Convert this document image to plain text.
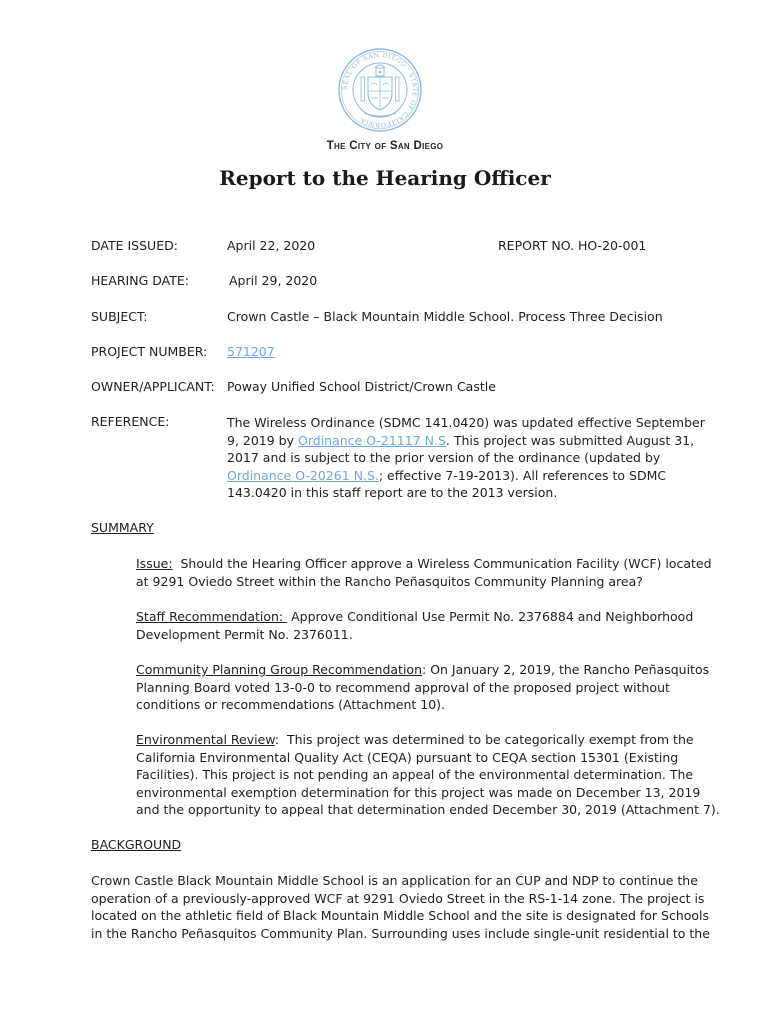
SEAL OF SAN DIEGO · STATE OF CALIFORNIA
The City of San Diego
Report to the Hearing Officer
DATE ISSUED:	April 22, 2020	REPORT NO. HO-20-001
HEARING DATE:	April 29, 2020
SUBJECT:	Crown Castle – Black Mountain Middle School. Process Three Decision
PROJECT NUMBER: 571207
OWNER/APPLICANT: Poway Unified School District/Crown Castle
REFERENCE:	The Wireless Ordinance (SDMC 141.0420) was updated effective September
9, 2019 by Ordinance O-21117 N.S. This project was submitted August 31,
2017 and is subject to the prior version of the ordinance (updated by
Ordinance O-20261 N.S.; effective 7-19-2013). All references to SDMC
143.0420 in this staff report are to the 2013 version.
SUMMARY
Issue:  Should the Hearing Officer approve a Wireless Communication Facility (WCF) located
at 9291 Oviedo Street within the Rancho Peñasquitos Community Planning area?
Staff Recommendation:  Approve Conditional Use Permit No. 2376884 and Neighborhood
Development Permit No. 2376011.
Community Planning Group Recommendation: On January 2, 2019, the Rancho Peñasquitos
Planning Board voted 13-0-0 to recommend approval of the proposed project without
conditions or recommendations (Attachment 10).
Environmental Review:  This project was determined to be categorically exempt from the
California Environmental Quality Act (CEQA) pursuant to CEQA section 15301 (Existing
Facilities). This project is not pending an appeal of the environmental determination. The
environmental exemption determination for this project was made on December 13, 2019
and the opportunity to appeal that determination ended December 30, 2019 (Attachment 7).
BACKGROUND
Crown Castle Black Mountain Middle School is an application for an CUP and NDP to continue the
operation of a previously-approved WCF at 9291 Oviedo Street in the RS-1-14 zone. The project is
located on the athletic field of Black Mountain Middle School and the site is designated for Schools
in the Rancho Peñasquitos Community Plan. Surrounding uses include single-unit residential to the
